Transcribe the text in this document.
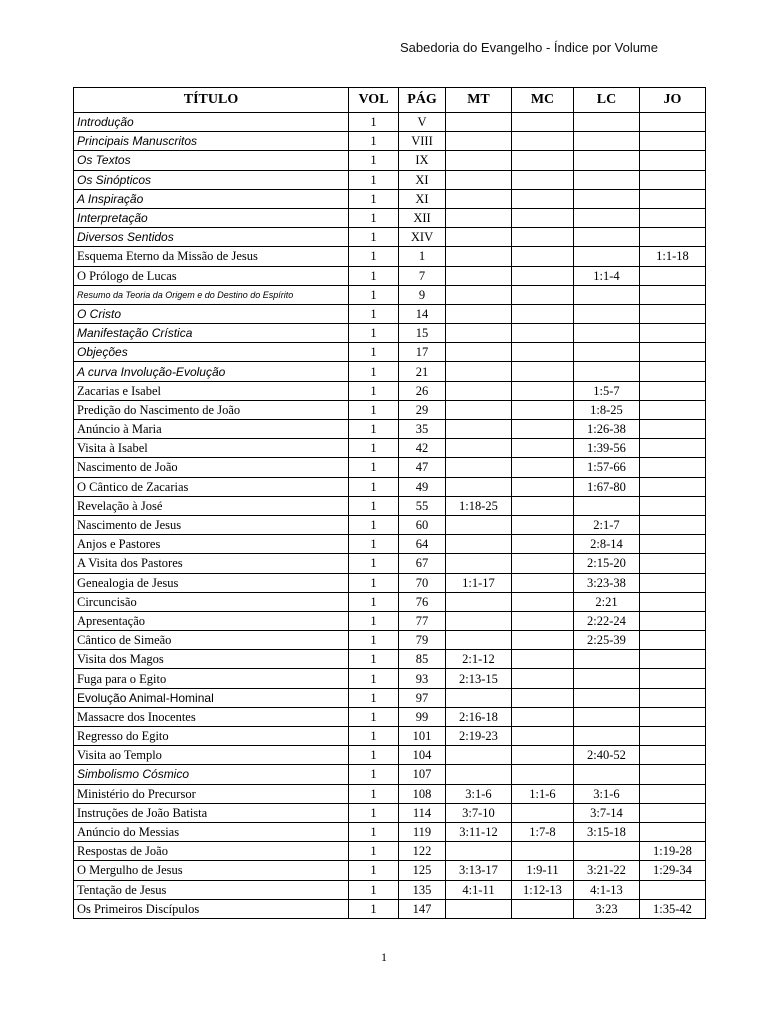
Sabedoria do Evangelho - Índice por Volume
TÍTULO	VOL	PÁG	MT	MC	LC	JO
Introdução	1	V				
Principais Manuscritos	1	VIII				
Os Textos	1	IX				
Os Sinópticos	1	XI				
A Inspiração	1	XI				
Interpretação	1	XII				
Diversos Sentidos	1	XIV				
Esquema Eterno da Missão de Jesus	1	1				1:1-18
O Prólogo de Lucas	1	7			1:1-4	
Resumo da Teoria da Origem e do Destino do Espírito	1	9				
O Cristo	1	14				
Manifestação Crística	1	15				
Objeções	1	17				
A curva Involução-Evolução	1	21				
Zacarias e Isabel	1	26			1:5-7	
Predição do Nascimento de João	1	29			1:8-25	
Anúncio à Maria	1	35			1:26-38	
Visita à Isabel	1	42			1:39-56	
Nascimento de João	1	47			1:57-66	
O Cântico de Zacarias	1	49			1:67-80	
Revelação à José	1	55	1:18-25			
Nascimento de Jesus	1	60			2:1-7	
Anjos e Pastores	1	64			2:8-14	
A Visita dos Pastores	1	67			2:15-20	
Genealogia de Jesus	1	70	1:1-17		3:23-38	
Circuncisão	1	76			2:21	
Apresentação	1	77			2:22-24	
Cântico de Simeão	1	79			2:25-39	
Visita dos Magos	1	85	2:1-12			
Fuga para o Egito	1	93	2:13-15			
Evolução Animal-Hominal	1	97				
Massacre dos Inocentes	1	99	2:16-18			
Regresso do Egito	1	101	2:19-23			
Visita ao Templo	1	104			2:40-52	
Simbolismo Cósmico	1	107				
Ministério do Precursor	1	108	3:1-6	1:1-6	3:1-6	
Instruções de João Batista	1	114	3:7-10		3:7-14	
Anúncio do Messias	1	119	3:11-12	1:7-8	3:15-18	
Respostas de João	1	122				1:19-28
O Mergulho de Jesus	1	125	3:13-17	1:9-11	3:21-22	1:29-34
Tentação de Jesus	1	135	4:1-11	1:12-13	4:1-13	
Os Primeiros Discípulos	1	147			3:23	1:35-42
1
